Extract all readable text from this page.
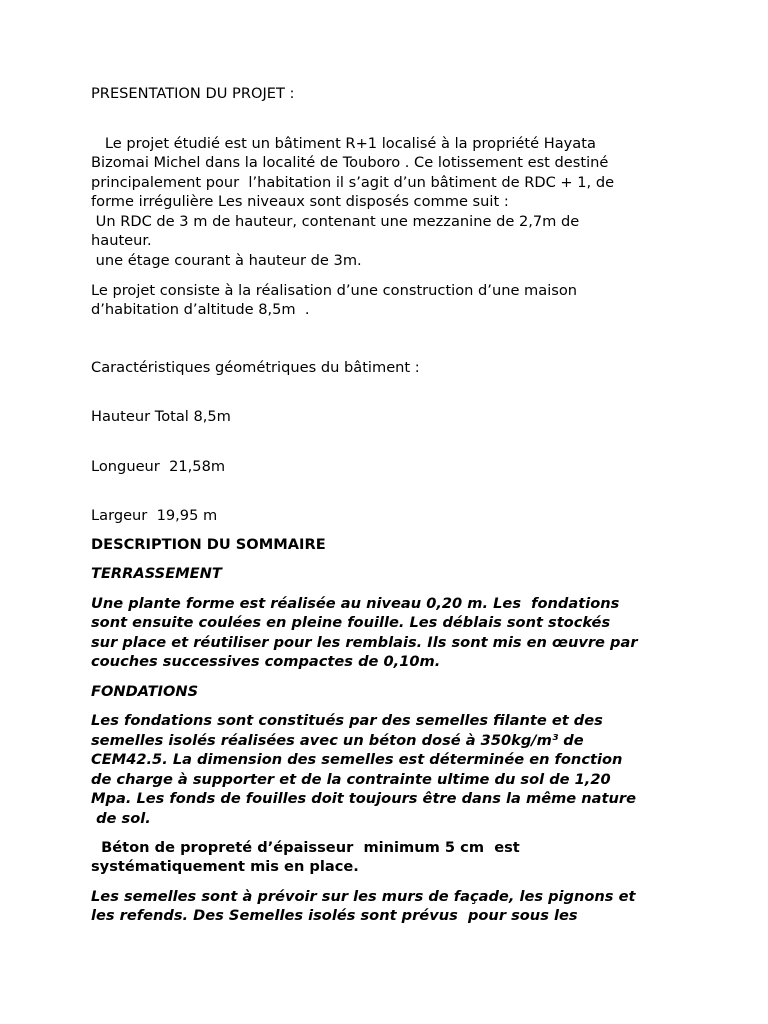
PRESENTATION DU PROJET :
Le projet étudié est un bâtiment R+1 localisé à la propriété Hayata
Bizomai Michel dans la localité de Touboro . Ce lotissement est destiné
principalement pour  l’habitation il s’agit d’un bâtiment de RDC + 1, de
forme irrégulière Les niveaux sont disposés comme suit :
Un RDC de 3 m de hauteur, contenant une mezzanine de 2,7m de
hauteur.
une étage courant à hauteur de 3m.
Le projet consiste à la réalisation d’une construction d’une maison
d’habitation d’altitude 8,5m  .
Caractéristiques géométriques du bâtiment :
Hauteur Total 8,5m
Longueur  21,58m
Largeur  19,95 m
DESCRIPTION DU SOMMAIRE
TERRASSEMENT
Une plante forme est réalisée au niveau 0,20 m. Les  fondations
sont ensuite coulées en pleine fouille. Les déblais sont stockés
sur place et réutiliser pour les remblais. Ils sont mis en œuvre par
couches successives compactes de 0,10m.
FONDATIONS
Les fondations sont constitués par des semelles filante et des
semelles isolés réalisées avec un béton dosé à 350kg/m³ de
CEM42.5. La dimension des semelles est déterminée en fonction
de charge à supporter et de la contrainte ultime du sol de 1,20
Mpa. Les fonds de fouilles doit toujours être dans la même nature
de sol.
Béton de propreté d’épaisseur  minimum 5 cm  est
systématiquement mis en place.
Les semelles sont à prévoir sur les murs de façade, les pignons et
les refends. Des Semelles isolés sont prévus  pour sous les
